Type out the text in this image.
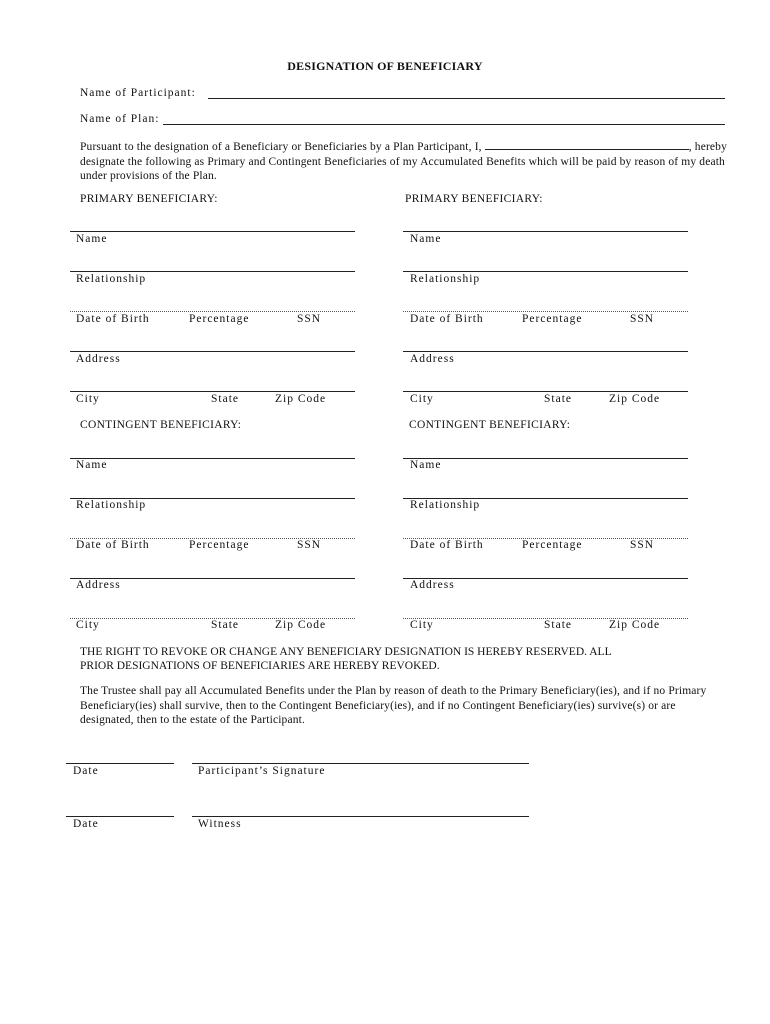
DESIGNATION OF BENEFICIARY
Name of Participant:
Name of Plan:
Pursuant to the designation of a Beneficiary or Beneficiaries by a Plan Participant, I,	, hereby designate the following as Primary and Contingent Beneficiaries of my Accumulated Benefits which will be paid by reason of my death under provisions of the Plan.
PRIMARY BENEFICIARY:	PRIMARY BENEFICIARY:
Name
Relationship
Date of Birth	Percentage	SSN
Address
City	State	Zip Code
Name
Relationship
Date of Birth	Percentage	SSN
Address
City	State	Zip Code
CONTINGENT BENEFICIARY:	CONTINGENT BENEFICIARY:
Name
Relationship
Date of Birth	Percentage	SSN
Address
City	State	Zip Code
Name
Relationship
Date of Birth	Percentage	SSN
Address
City	State	Zip Code
THE RIGHT TO REVOKE OR CHANGE ANY BENEFICIARY DESIGNATION IS HEREBY RESERVED. ALL PRIOR DESIGNATIONS OF BENEFICIARIES ARE HEREBY REVOKED.
The Trustee shall pay all Accumulated Benefits under the Plan by reason of death to the Primary Beneficiary(ies), and if no Primary Beneficiary(ies) shall survive, then to the Contingent Beneficiary(ies), and if no Contingent Beneficiary(ies) survive(s) or are designated, then to the estate of the Participant.
Date	Participant’s Signature
Date	Witness
